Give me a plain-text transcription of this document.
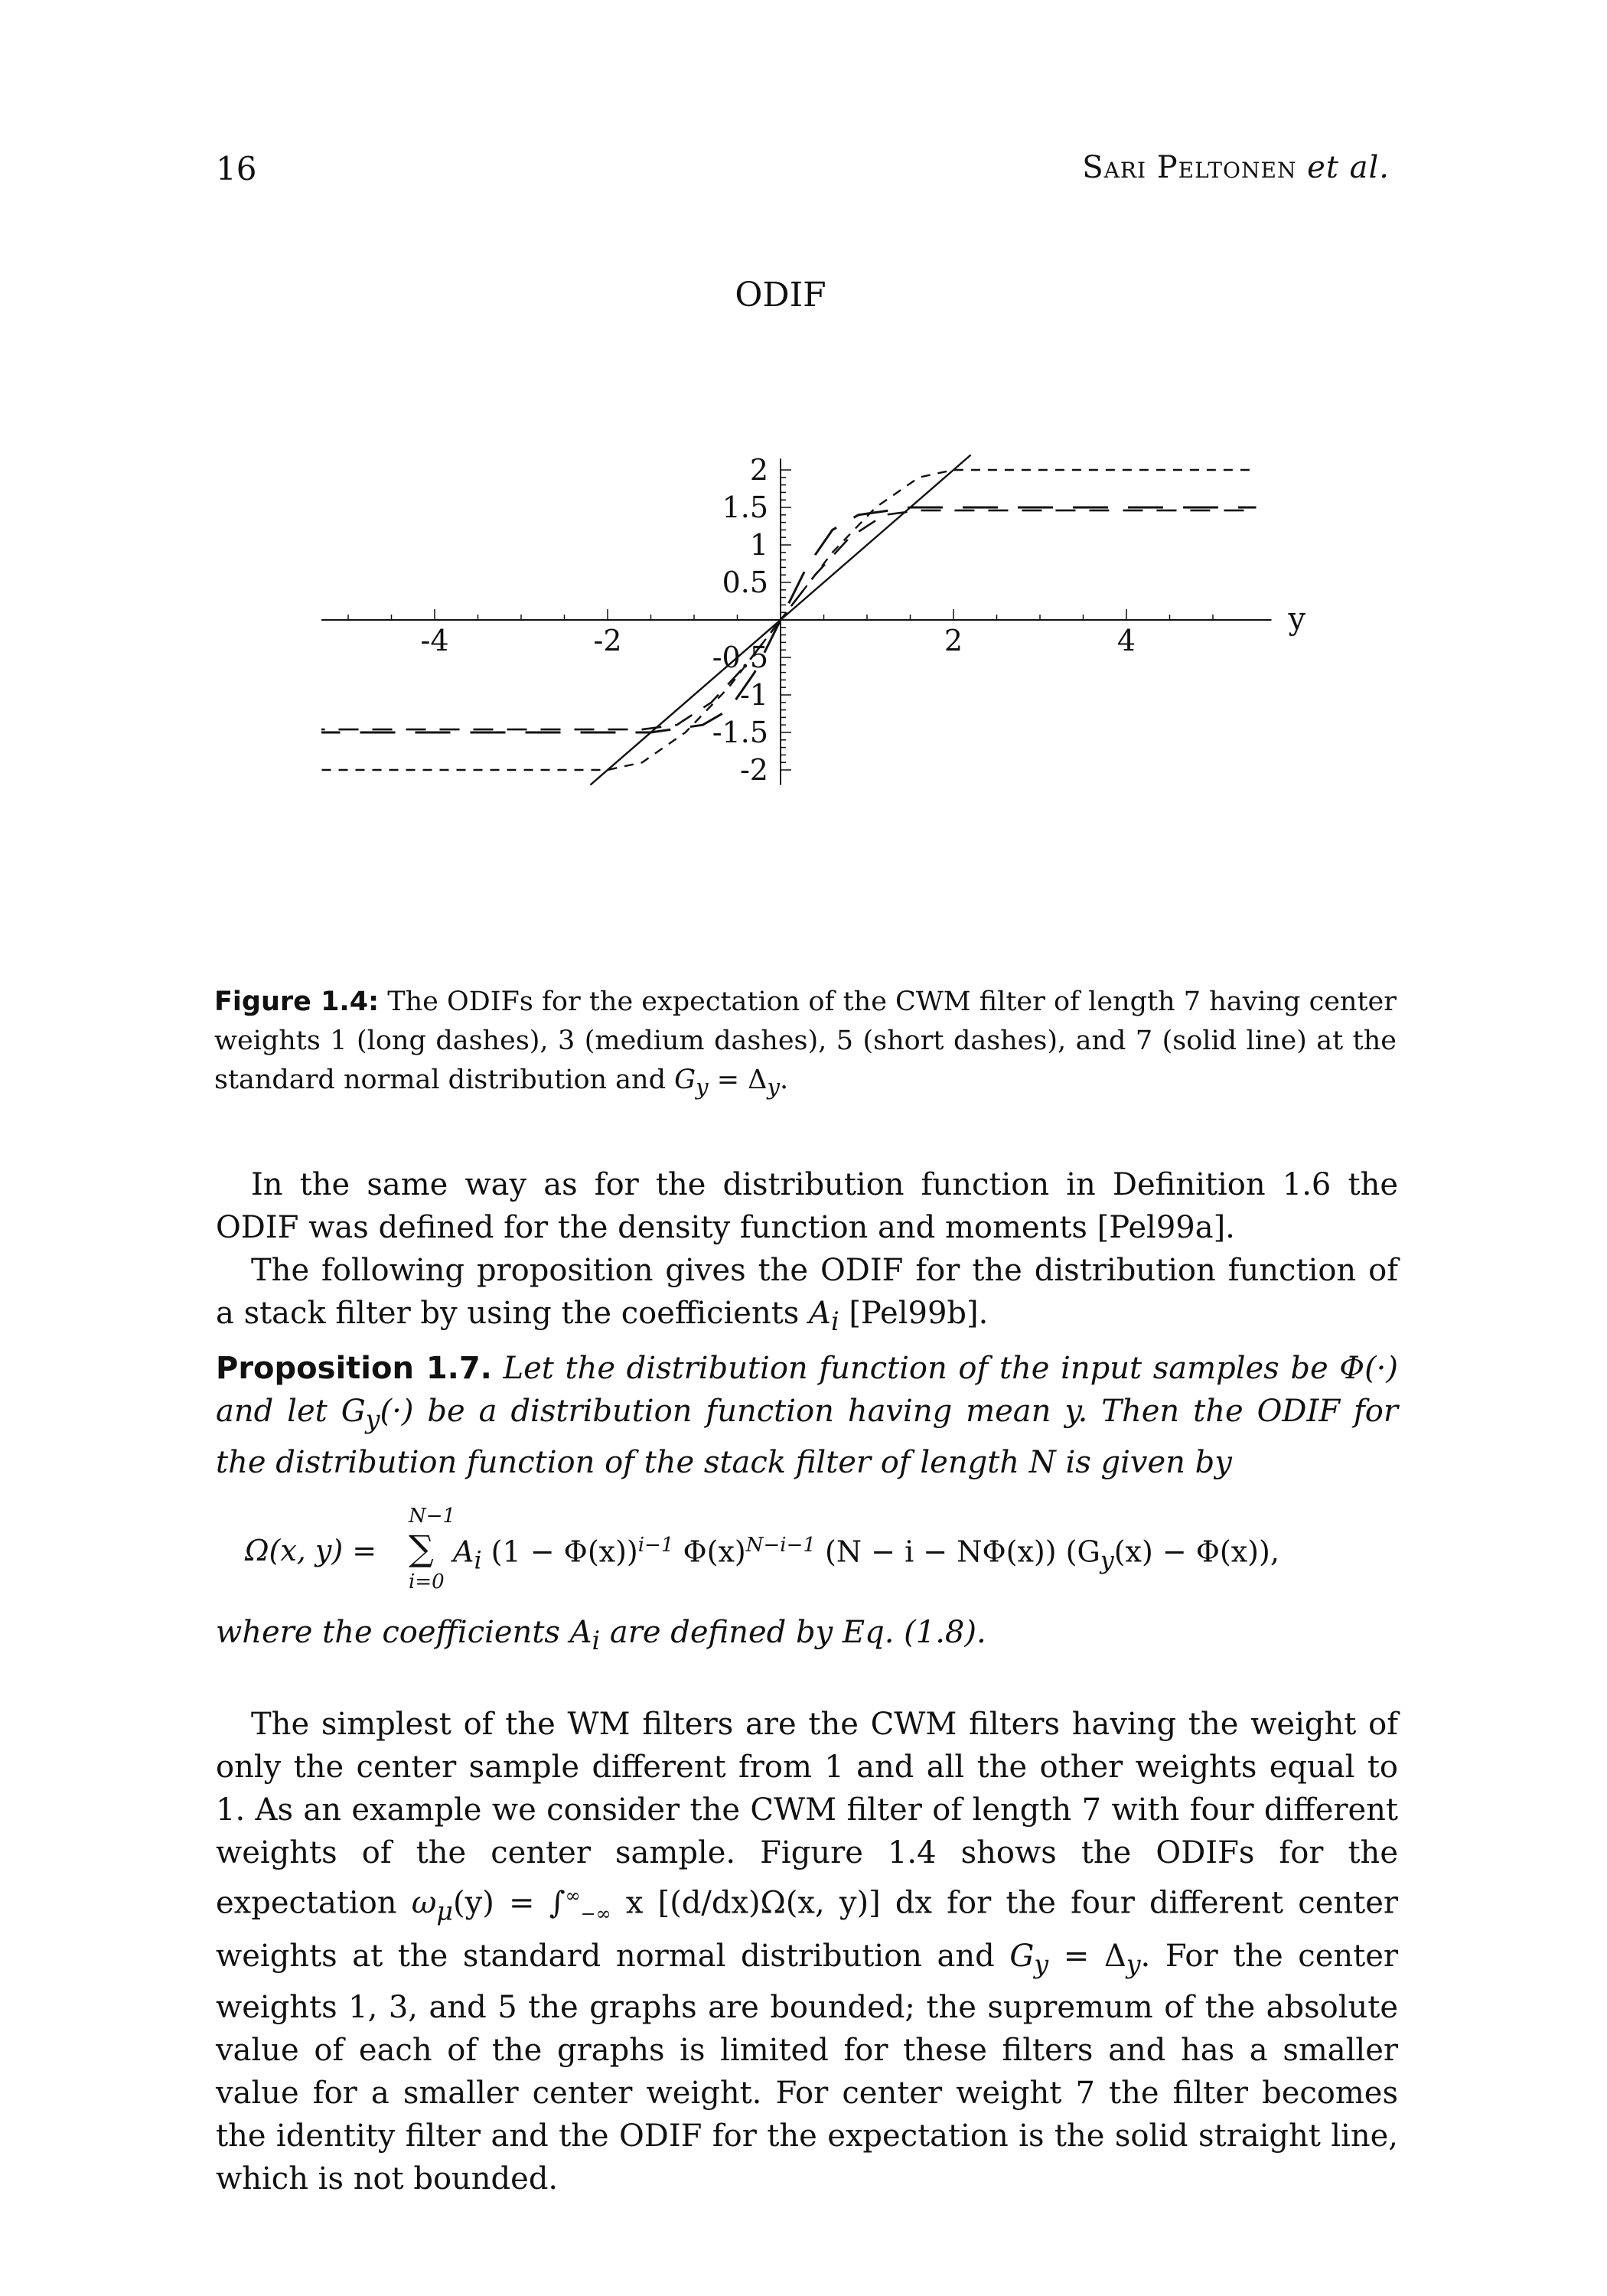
16	Sari Peltonen et al.
-4	-2	2	4
2
1.5
1
0.5
-0.5
-1
-1.5
-2
ODIF
y
Figure 1.4: The ODIFs for the expectation of the CWM filter of length 7 having center weights 1 (long dashes), 3 (medium dashes), 5 (short dashes), and 7 (solid line) at the standard normal distribution and $G_y = \Delta_y$.
In the same way as for the distribution function in Definition 1.6 the ODIF was defined for the density function and moments [Pel99a].
The following proposition gives the ODIF for the distribution function of a stack filter by using the coefficients $A_i$ [Pel99b].
Proposition 1.7. Let the distribution function of the input samples be Φ(·) and let $G_y(\cdot)$ be a distribution function having mean y. Then the ODIF for the distribution function of the stack filter of length N is given by
Ω(x, y) =
N−1
∑
i=0
$A_i$ $(1 - \Phi(x))^{i-1}$ $\Phi(x)^{N-i-1}$ (N − i − NΦ(x)) $(G_y(x) - \Phi(x))$,
where the coefficients $A_i$ are defined by Eq. (1.8).
The simplest of the WM filters are the CWM filters having the weight of only the center sample different from 1 and all the other weights equal to 1. As an example we consider the CWM filter of length 7 with four different weights of the center sample. Figure 1.4 shows the ODIFs for the expectation $\omega_\mu(y) = \int^\infty_{-\infty}$ x [(d/dx)Ω(x, y)] dx for the four different center weights at the standard normal distribution and $G_y = \Delta_y$. For the center weights 1, 3, and 5 the graphs are bounded; the supremum of the absolute value of each of the graphs is limited for these filters and has a smaller value for a smaller center weight. For center weight 7 the filter becomes the identity filter and the ODIF for the expectation is the solid straight line, which is not bounded.
